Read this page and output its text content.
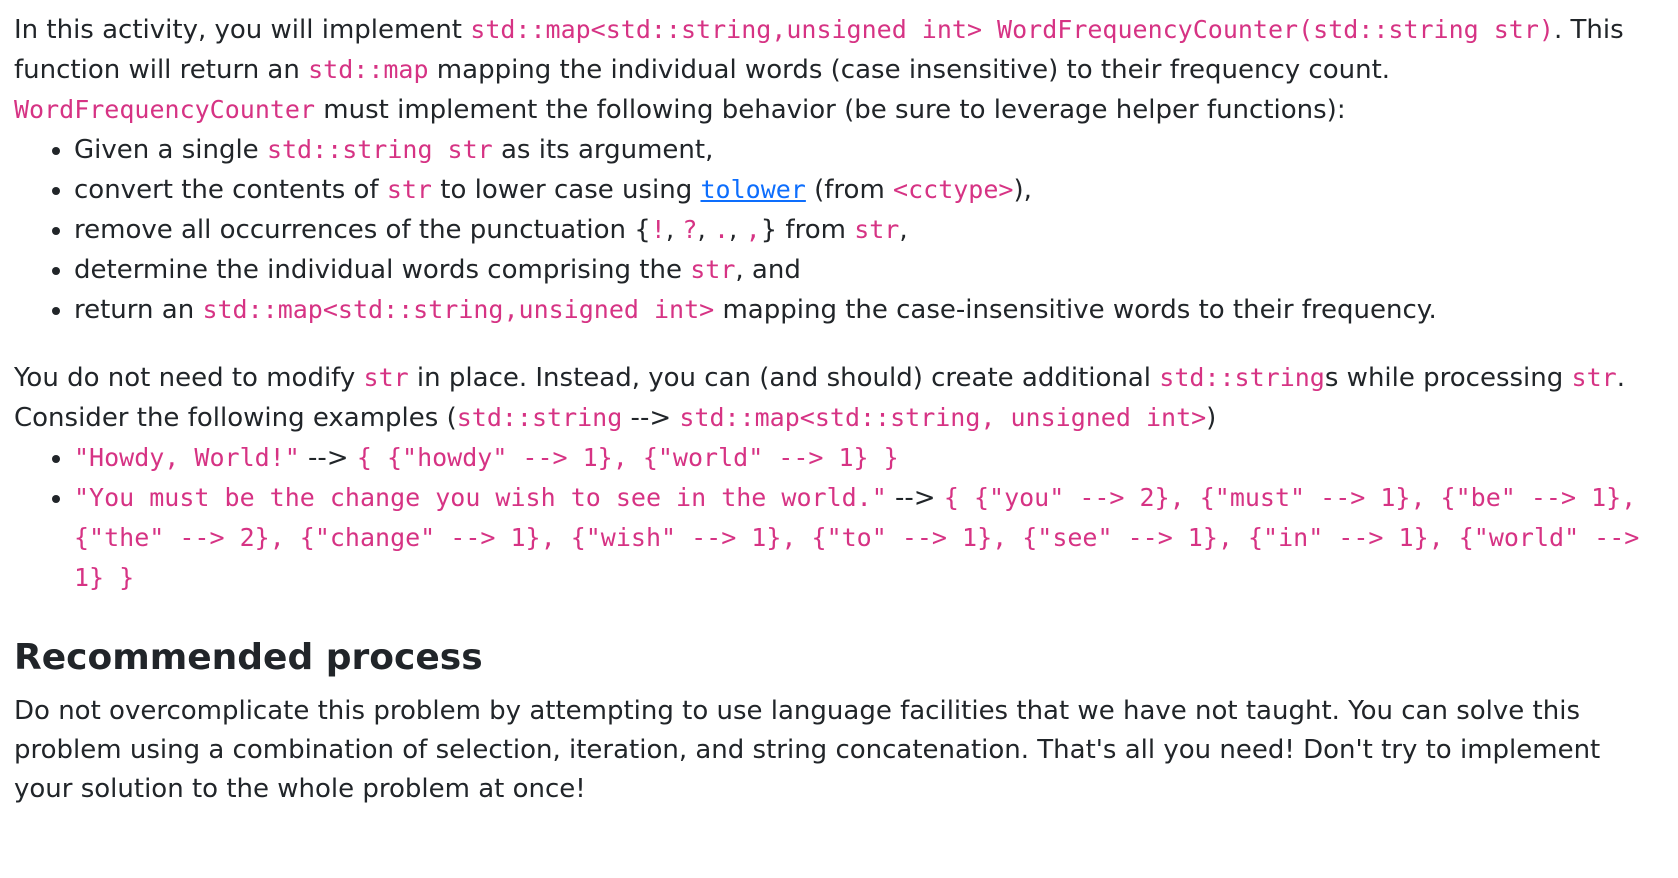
In this activity, you will implement std::map<std::string,unsigned int> WordFrequencyCounter(std::string str). This function will return an std::map mapping the individual words (case insensitive) to their frequency count. WordFrequencyCounter must implement the following behavior (be sure to leverage helper functions):

• Given a single std::string str as its argument,
• convert the contents of str to lower case using tolower (from <cctype>),
• remove all occurrences of the punctuation {!, ?, ., ,} from str,
• determine the individual words comprising the str, and
• return an std::map<std::string,unsigned int> mapping the case-insensitive words to their frequency.

You do not need to modify str in place. Instead, you can (and should) create additional std::strings while processing str. Consider the following examples (std::string --> std::map<std::string, unsigned int>)

• "Howdy, World!" --> { {"howdy" --> 1}, {"world" --> 1} }
• "You must be the change you wish to see in the world." --> { {"you" --> 2}, {"must" --> 1}, {"be" --> 1}, {"the" --> 2}, {"change" --> 1}, {"wish" --> 1}, {"to" --> 1}, {"see" --> 1}, {"in" --> 1}, {"world" --> 1} }
Recommended process

Do not overcomplicate this problem by attempting to use language facilities that we have not taught. You can solve this problem using a combination of selection, iteration, and string concatenation. That's all you need! Don't try to implement your solution to the whole problem at once!
